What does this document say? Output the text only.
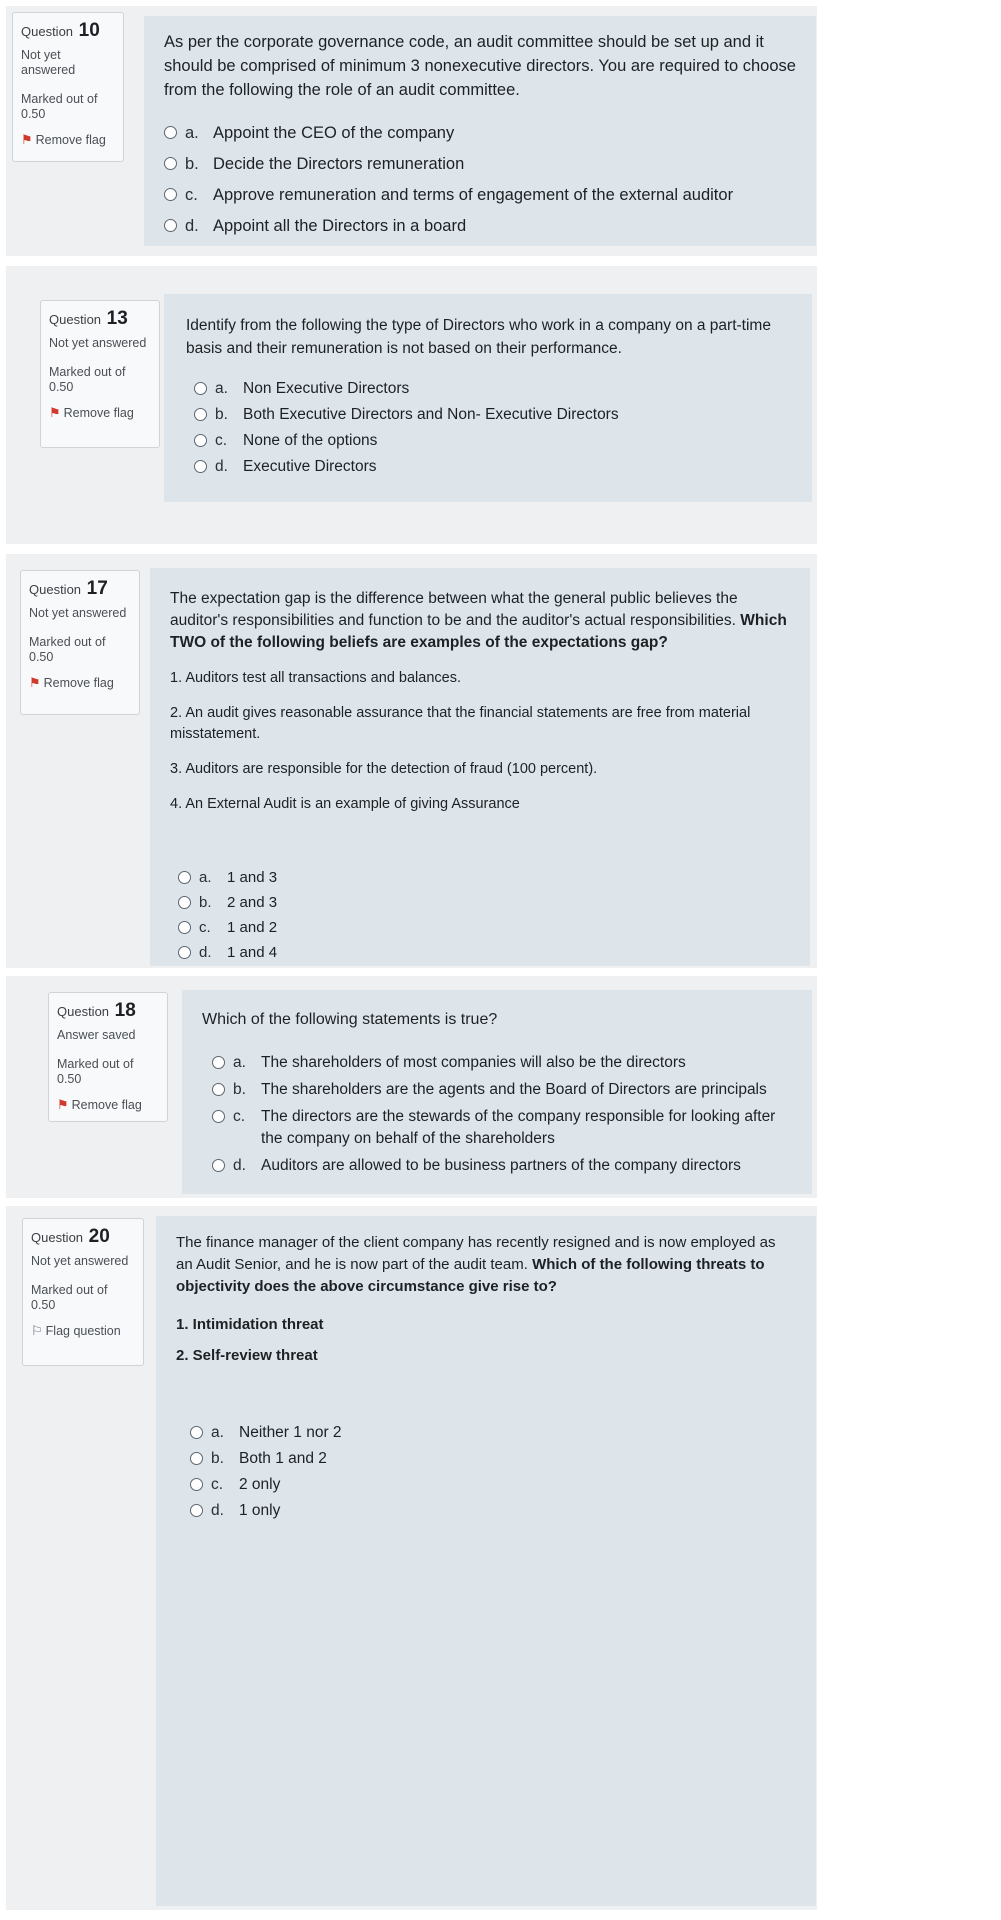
Question 10
Not yet answered
Marked out of 0.50
⚑ Remove flag
As per the corporate governance code, an audit committee should be set up and it should be comprised of minimum 3 nonexecutive directors. You are required to choose from the following the role of an audit committee.
a. Appoint the CEO of the company
b. Decide the Directors remuneration
c. Approve remuneration and terms of engagement of the external auditor
d. Appoint all the Directors in a board
Question 13
Not yet answered
Marked out of 0.50
⚑ Remove flag
Identify from the following the type of Directors who work in a company on a part-time basis and their remuneration is not based on their performance.
a. Non Executive Directors
b. Both Executive Directors and Non- Executive Directors
c.	None of the options
d. Executive Directors
Question 17
Not yet answered
Marked out of 0.50
⚑ Remove flag
The expectation gap is the difference between what the general public believes the auditor's responsibilities and function to be and the auditor's actual responsibilities. Which TWO of the following beliefs are examples of the expectations gap?
1. Auditors test all transactions and balances.
2. An audit gives reasonable assurance that the financial statements are free from material misstatement.
3. Auditors are responsible for the detection of fraud (100 percent).
4. An External Audit is an example of giving Assurance
a.	1 and 3
b.	2 and 3
c.	1 and 2
d.	1 and 4
Question 18
Answer saved
Marked out of 0.50
⚑ Remove flag
Which of the following statements is true?
a. The shareholders of most companies will also be the directors
b. The shareholders are the agents and the Board of Directors are principals
c.	The directors are the stewards of the company responsible for looking after the company on behalf of the shareholders
d. Auditors are allowed to be business partners of the company directors
Question 20
Not yet answered
Marked out of 0.50
⚐ Flag question
The finance manager of the client company has recently resigned and is now employed as an Audit Senior, and he is now part of the audit team. Which of the following threats to objectivity does the above circumstance give rise to?
1. Intimidation threat
2. Self-review threat
a. Neither 1 nor 2
b. Both 1 and 2
c.	2 only
d. 1 only
